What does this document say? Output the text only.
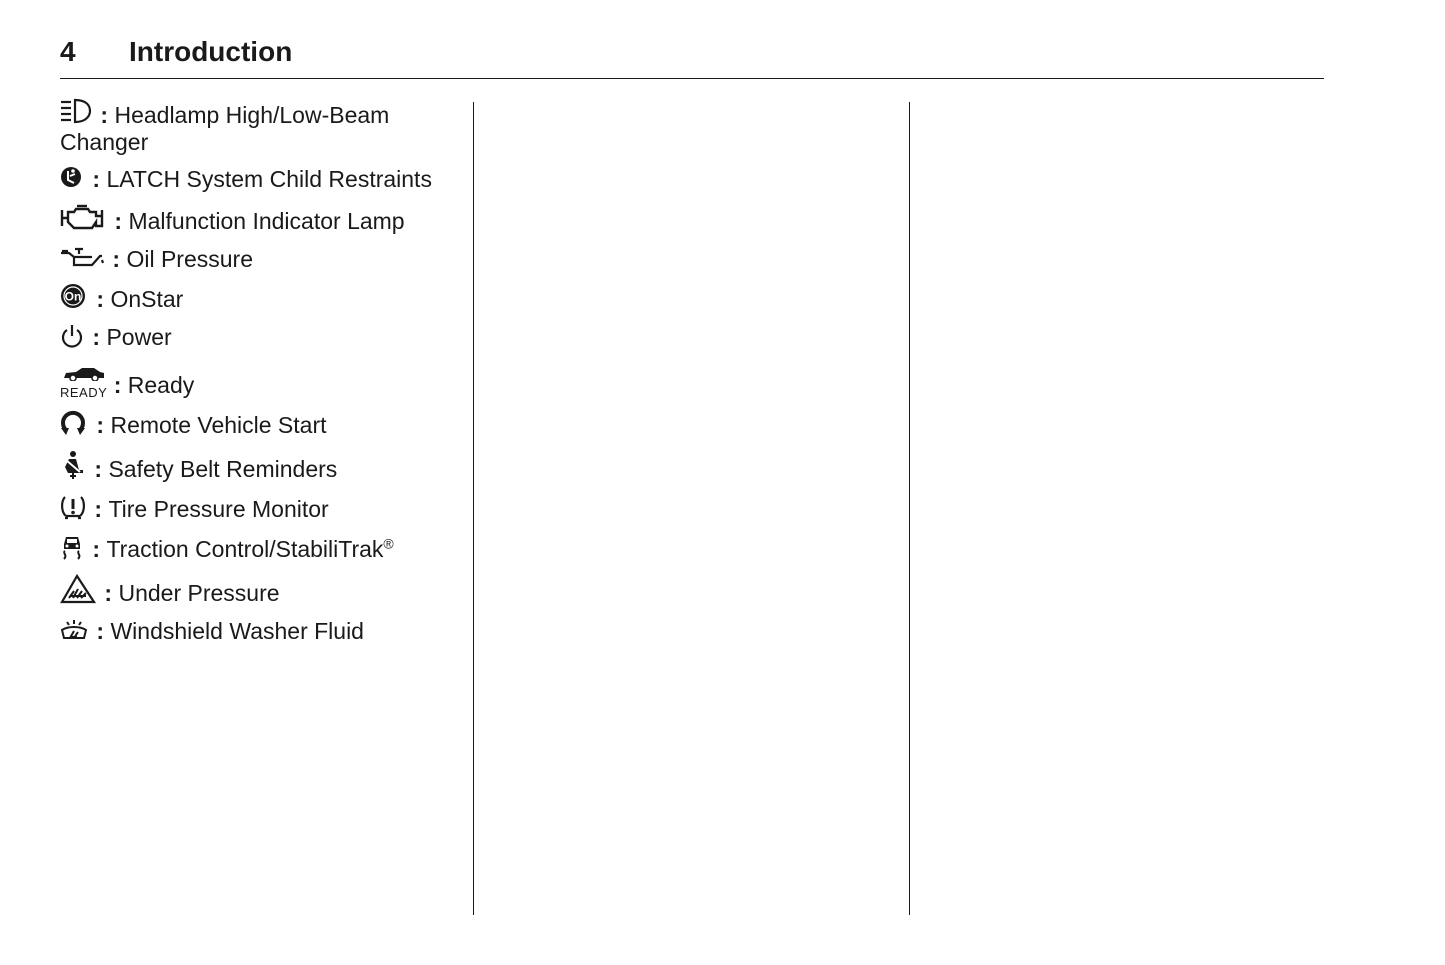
4 Introduction
: Headlamp High/Low-Beam Changer
: LATCH System Child Restraints
: Malfunction Indicator Lamp
: Oil Pressure
On : OnStar
: Power
READY : Ready
: Remote Vehicle Start
: Safety Belt Reminders
: Tire Pressure Monitor
: Traction Control/StabiliTrak®
: Under Pressure
: Windshield Washer Fluid
